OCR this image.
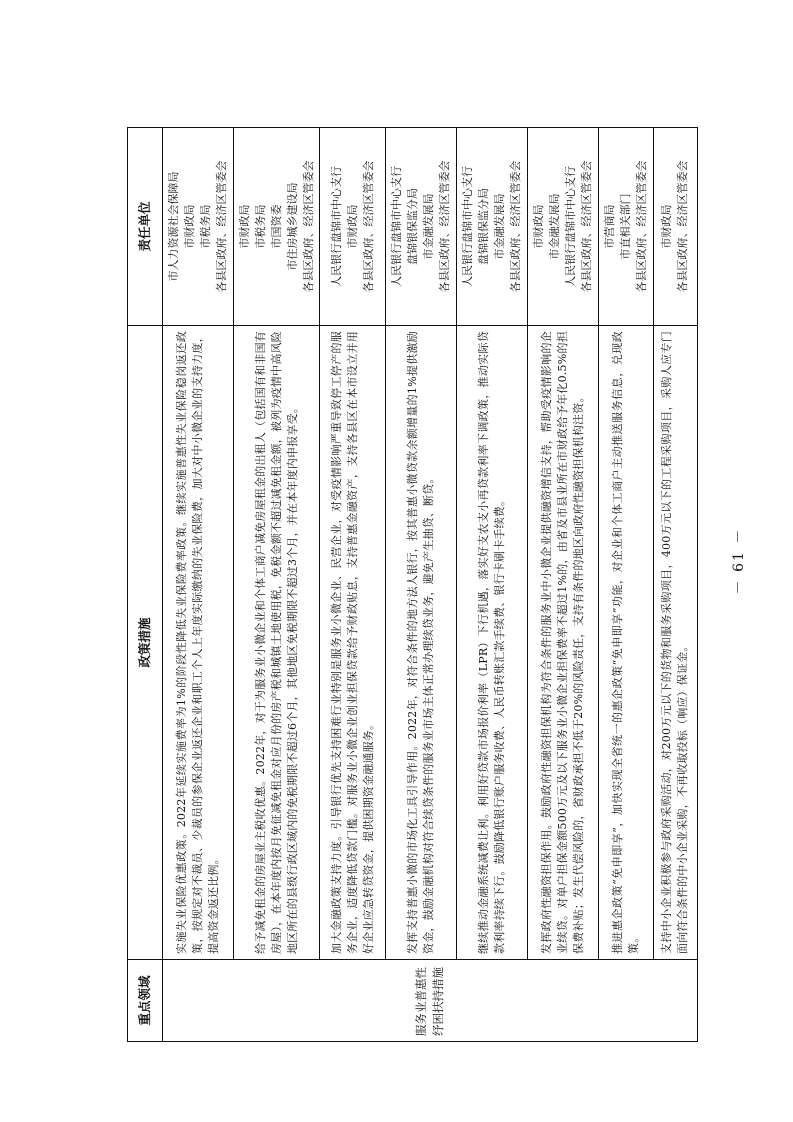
重点领域	政策措施	责任单位
服务业普惠性纾困扶持措施	实施失业保险优惠政策。2022年延续实施费率为1%的阶段性降低失业保险费率政策。继续实施普惠性失业保险稳岗返还政策，按规定对不裁员、少裁员的参保企业返还企业和职工个人上年度实际缴纳的失业保险费，加大对中小微企业的支持力度，提高资金返还比例。	市人力资源社会保障局 市财政局 市税务局 各县区政府、经济区管委会

	给予减免租金的房屋业主税收优惠。2022年，对于为服务业小微企业和个体工商户减免房屋租金的出租人（包括国有和非国有房屋），在本年度内按月免征减免租金对应月份的房产税和城镇土地使用税，免税金额不超过减免租金额，被列为疫情中高风险地区所在的县级行政区域内的免税期限不超过6个月，其他地区免税期限不超过3个月，并在本年度内申报享受。	市财政局 市税务局 市国资委 市住房城乡建设局 各县区政府、经济区管委会

	加大金融政策支持力度。引导银行优先支持困难行业特别是服务业小微企业、民营企业，对受疫情影响严重导致停工停产的服务企业，适度降低贷款门槛。对服务业小微企业创业担保贷款给予财政贴息，支持普惠金融资产，支持各县区在本市设立并用好企业应急转贷资金，提供困期资金融通服务。	人民银行盘锦市中心支行 市财政局 各县区政府、经济区管委会

	发挥支持普惠小微的市场化工具引导作用。2022年，对符合条件的地方法人银行，按其普惠小微贷款余额增量的1%提供激励资金，鼓励金融机构对符合续贷条件的服务业市场主体正常办理续贷业务，避免产生抽贷、断贷。	人民银行盘锦市中心支行 盘锦银保监分局 市金融发展局 各县区政府、经济区管委会

	继续推动金融系统减费让利。利用好贷款市场报价利率（LPR）下行机遇，落实好支农支小再贷款利率下调政策，推动实际贷款利率持续下行。鼓励降低银行账户服务收费、人民币转账汇款手续费、银行卡刷卡手续费。	人民银行盘锦市中心支行 盘锦银保监分局 市金融发展局 各县区政府、经济区管委会

	发挥政府性融资担保作用。鼓励政府性融资担保机构为符合条件的服务业中小微企业提供融资增信支持，帮助受疫情影响的企业续贷。对单户担保金额500万元及以下服务业小微企业担保费率不超过1%的，由省及市县业所在市财政给予年化0.5%的担保费补贴；发生代偿风险的，省财政承担不低于20%的风险责任，支持有条件的地区向政府性融资担保机构注资。	市财政局 市金融发展局 人民银行盘锦市中心支行 各县区政府、经济区管委会

	推进惠企政策“免申即享”，加快实现全省统一的惠企政策“免申即享”功能，对企业和个体工商户主动推送服务信息，兑现政策。	市营商局 市直相关部门 各县区政府、经济区管委会

	支持中小企业积极参与政府采购活动，对200万元以下的货物和服务采购项目，400万元以下的工程采购项目，采购人应专门面向符合条件的中小企业采购，不再收取投标（响应）保证金。	市财政局 各县区政府、经济区管委会
－ 61 －
